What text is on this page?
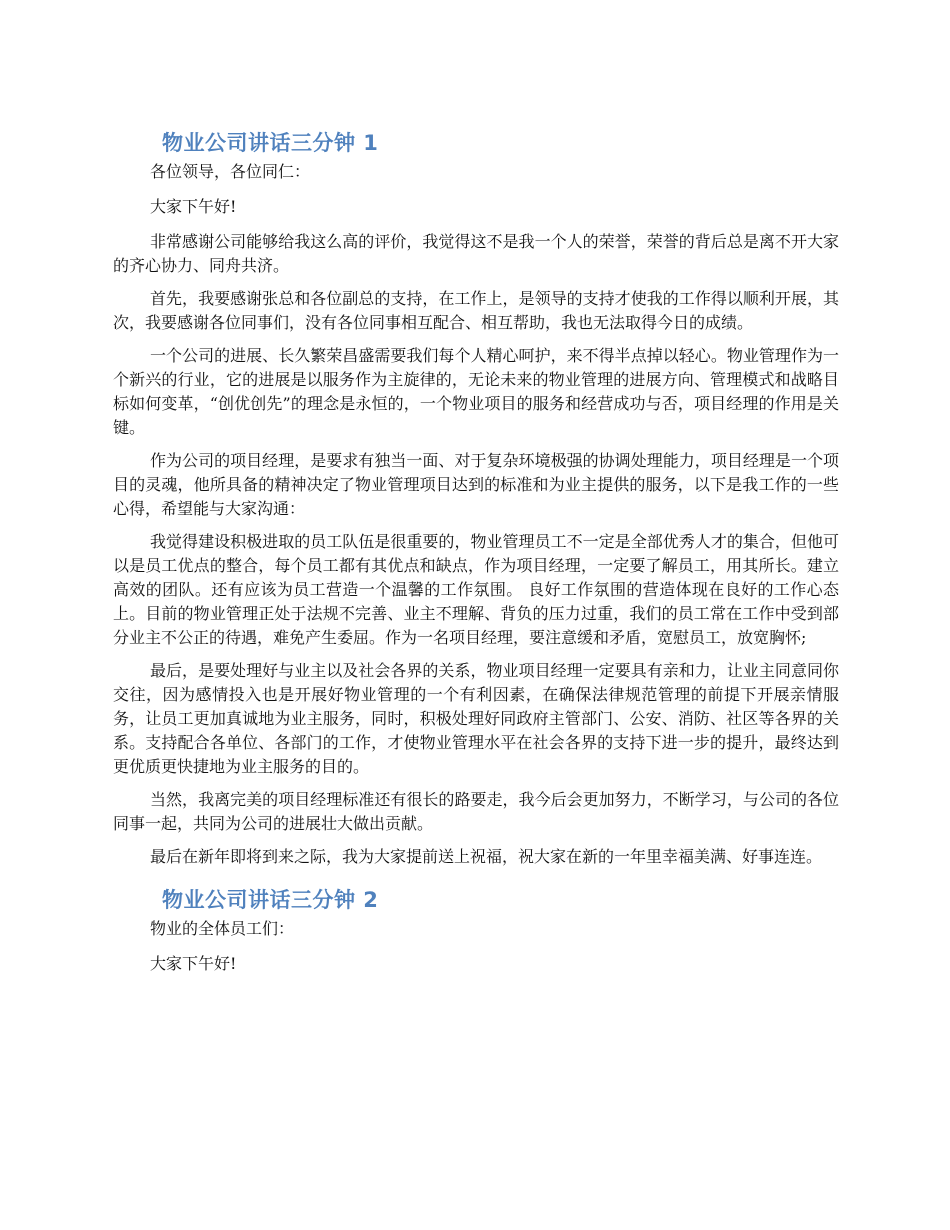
物业公司讲话三分钟 1

各位领导，各位同仁：

大家下午好!

非常感谢公司能够给我这么高的评价，我觉得这不是我一个人的荣誉，荣誉的背后总是离不开大家的齐心协力、同舟共济。

首先，我要感谢张总和各位副总的支持，在工作上，是领导的支持才使我的工作得以顺利开展，其次，我要感谢各位同事们，没有各位同事相互配合、相互帮助，我也无法取得今日的成绩。

一个公司的进展、长久繁荣昌盛需要我们每个人精心呵护，来不得半点掉以轻心。物业管理作为一个新兴的行业，它的进展是以服务作为主旋律的，无论未来的物业管理的进展方向、管理模式和战略目标如何变革，“创优创先”的理念是永恒的，一个物业项目的服务和经营成功与否，项目经理的作用是关键。

作为公司的项目经理，是要求有独当一面、对于复杂环境极强的协调处理能力，项目经理是一个项目的灵魂，他所具备的精神决定了物业管理项目达到的标准和为业主提供的服务，以下是我工作的一些心得，希望能与大家沟通：

我觉得建设积极进取的员工队伍是很重要的，物业管理员工不一定是全部优秀人才的集合，但他可以是员工优点的整合，每个员工都有其优点和缺点，作为项目经理，一定要了解员工，用其所长。建立高效的团队。还有应该为员工营造一个温馨的工作氛围。 良好工作氛围的营造体现在良好的工作心态上。目前的物业管理正处于法规不完善、业主不理解、背负的压力过重，我们的员工常在工作中受到部分业主不公正的待遇，难免产生委屈。作为一名项目经理，要注意缓和矛盾，宽慰员工，放宽胸怀;

最后，是要处理好与业主以及社会各界的关系，物业项目经理一定要具有亲和力，让业主同意同你交往，因为感情投入也是开展好物业管理的一个有利因素，在确保法律规范管理的前提下开展亲情服务，让员工更加真诚地为业主服务，同时，积极处理好同政府主管部门、公安、消防、社区等各界的关系。支持配合各单位、各部门的工作，才使物业管理水平在社会各界的支持下进一步的提升，最终达到更优质更快捷地为业主服务的目的。

当然，我离完美的项目经理标准还有很长的路要走，我今后会更加努力，不断学习，与公司的各位同事一起，共同为公司的进展壮大做出贡献。

最后在新年即将到来之际，我为大家提前送上祝福，祝大家在新的一年里幸福美满、好事连连。

物业公司讲话三分钟 2

物业的全体员工们：

大家下午好!
